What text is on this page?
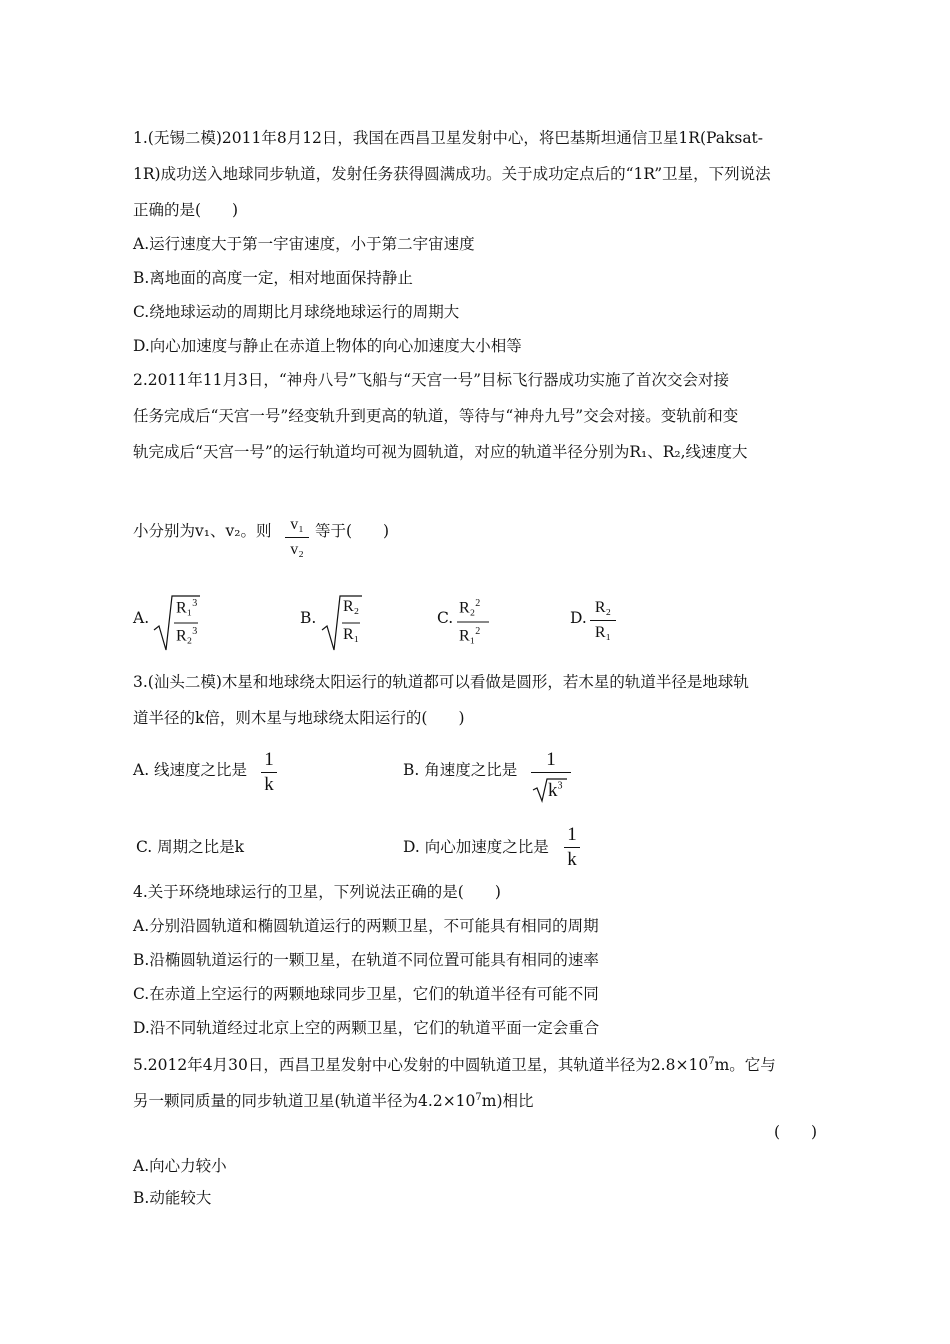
1.(无锡二模)2011年8月12日，我国在西昌卫星发射中心，将巴基斯坦通信卫星1R(Paksat-
1R)成功送入地球同步轨道，发射任务获得圆满成功。关于成功定点后的“1R”卫星，下列说法
正确的是(　　)
A.运行速度大于第一宇宙速度，小于第二宇宙速度
B.离地面的高度一定，相对地面保持静止
C.绕地球运动的周期比月球绕地球运行的周期大
D.向心加速度与静止在赤道上物体的向心加速度大小相等
2.2011年11月3日，“神舟八号”飞船与“天宫一号”目标飞行器成功实施了首次交会对接
任务完成后“天宫一号”经变轨升到更高的轨道，等待与“神舟九号”交会对接。变轨前和变
轨完成后“天宫一号”的运行轨道均可视为圆轨道，对应的轨道半径分别为R₁、R₂,线速度大
小分别为v₁、v₂。则	v₁
v₂
等于(　　)
A.
R₁$^3$
R₂$^3$
B.
R₂
R₁
C.
R₂$^2$
R₁$^2$
D.
R₂
R₁
3.(汕头二模)木星和地球绕太阳运行的轨道都可以看做是圆形，若木星的轨道半径是地球轨
道半径的k倍，则木星与地球绕太阳运行的(　　)
A. 线速度之比是 1
k
B. 角速度之比是	1
$k^3$
C. 周期之比是k	D. 向心加速度之比是
1
k
4.关于环绕地球运行的卫星，下列说法正确的是(　　)
A.分别沿圆轨道和椭圆轨道运行的两颗卫星，不可能具有相同的周期
B.沿椭圆轨道运行的一颗卫星，在轨道不同位置可能具有相同的速率
C.在赤道上空运行的两颗地球同步卫星，它们的轨道半径有可能不同
D.沿不同轨道经过北京上空的两颗卫星，它们的轨道平面一定会重合
5.2012年4月30日，西昌卫星发射中心发射的中圆轨道卫星，其轨道半径为$2.8\times 10^7m$。它与
另一颗同质量的同步轨道卫星(轨道半径为$4.2\times 10^7m$)相比
(　　)
A.向心力较小
B.动能较大
